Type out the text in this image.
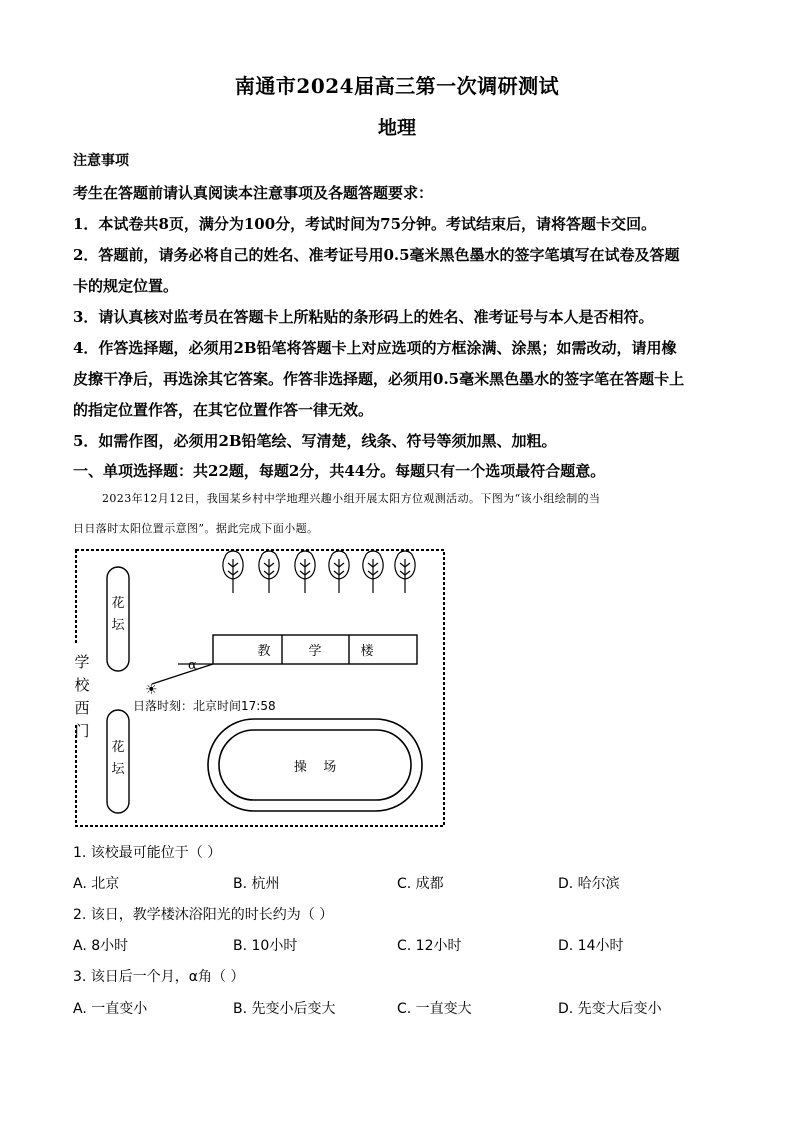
南通市2024届高三第一次调研测试
地理
注意事项
考生在答题前请认真阅读本注意事项及各题答题要求：
1．本试卷共8页，满分为100分，考试时间为75分钟。考试结束后，请将答题卡交回。
2．答题前，请务必将自己的姓名、准考证号用0.5毫米黑色墨水的签字笔填写在试卷及答题
卡的规定位置。
3．请认真核对监考员在答题卡上所粘贴的条形码上的姓名、准考证号与本人是否相符。
4．作答选择题，必须用2B铅笔将答题卡上对应选项的方框涂满、涂黑；如需改动，请用橡
皮擦干净后，再选涂其它答案。作答非选择题，必须用0.5毫米黑色墨水的签字笔在答题卡上
的指定位置作答，在其它位置作答一律无效。
5．如需作图，必须用2B铅笔绘、写清楚，线条、符号等须加黑、加粗。
一、单项选择题：共22题，每题2分，共44分。每题只有一个选项最符合题意。
2023年12月12日，我国某乡村中学地理兴趣小组开展太阳方位观测活动。下图为“该小组绘制的当
日日落时太阳位置示意图”。据此完成下面小题。
学
校
西
门
花
坛
花
坛
教	学	楼
α
☀
日落时刻：北京时间17:58
操    场
1. 该校最可能位于（ ）
A. 北京	B. 杭州	C. 成都	D. 哈尔滨
2. 该日，教学楼沐浴阳光的时长约为（ ）
A. 8小时	B. 10小时	C. 12小时	D. 14小时
3. 该日后一个月，α角（ ）
A. 一直变小	B. 先变小后变大	C. 一直变大	D. 先变大后变小
